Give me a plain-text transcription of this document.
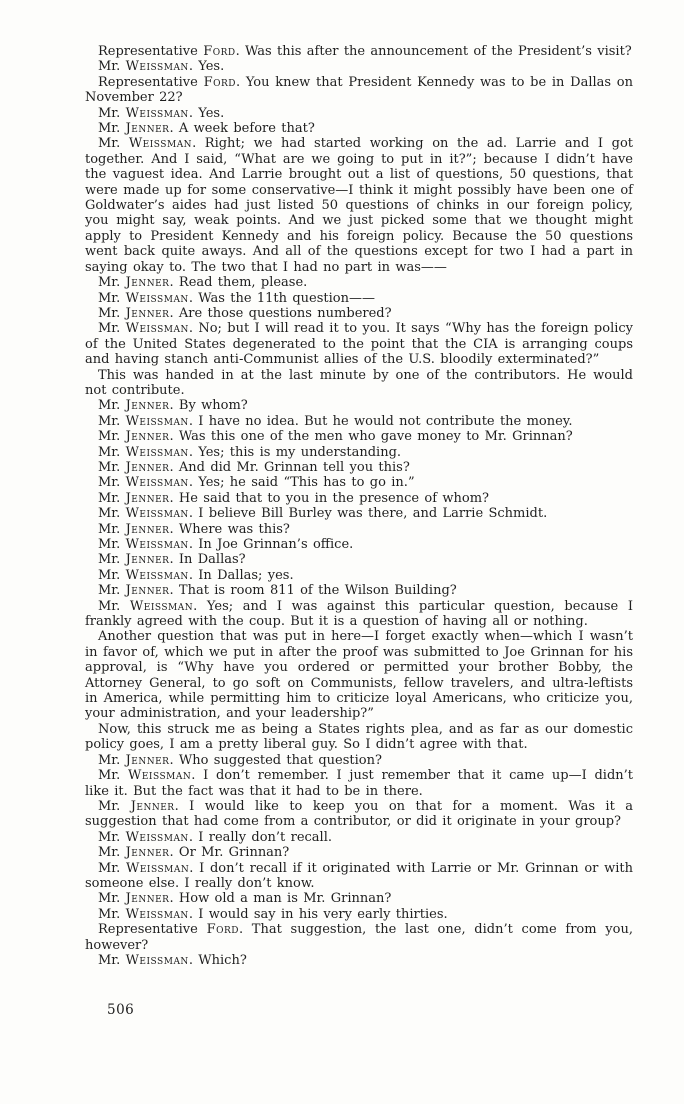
Representative Ford. Was this after the announcement of the President’s visit?

Mr. Weissman. Yes.

Representative Ford. You knew that President Kennedy was to be in Dallas on November 22?

Mr. Weissman. Yes.

Mr. Jenner. A week before that?

Mr. Weissman. Right; we had started working on the ad. Larrie and I got together. And I said, “What are we going to put in it?”; because I didn’t have the vaguest idea. And Larrie brought out a list of questions, 50 questions, that were made up for some conservative—I think it might possibly have been one of Goldwater’s aides had just listed 50 questions of chinks in our foreign policy, you might say, weak points. And we just picked some that we thought might apply to President Kennedy and his foreign policy. Because the 50 questions went back quite aways. And all of the questions except for two I had a part in saying okay to. The two that I had no part in was——

Mr. Jenner. Read them, please.

Mr. Weissman. Was the 11th question——

Mr. Jenner. Are those questions numbered?

Mr. Weissman. No; but I will read it to you. It says “Why has the foreign policy of the United States degenerated to the point that the CIA is arranging coups and having stanch anti-Communist allies of the U.S. bloodily exterminated?”

This was handed in at the last minute by one of the contributors. He would not contribute.

Mr. Jenner. By whom?

Mr. Weissman. I have no idea. But he would not contribute the money.

Mr. Jenner. Was this one of the men who gave money to Mr. Grinnan?

Mr. Weissman. Yes; this is my understanding.

Mr. Jenner. And did Mr. Grinnan tell you this?

Mr. Weissman. Yes; he said “This has to go in.”

Mr. Jenner. He said that to you in the presence of whom?

Mr. Weissman. I believe Bill Burley was there, and Larrie Schmidt.

Mr. Jenner. Where was this?

Mr. Weissman. In Joe Grinnan’s office.

Mr. Jenner. In Dallas?

Mr. Weissman. In Dallas; yes.

Mr. Jenner. That is room 811 of the Wilson Building?

Mr. Weissman. Yes; and I was against this particular question, because I frankly agreed with the coup. But it is a question of having all or nothing.

Another question that was put in here—I forget exactly when—which I wasn’t in favor of, which we put in after the proof was submitted to Joe Grinnan for his approval, is “Why have you ordered or permitted your brother Bobby, the Attorney General, to go soft on Communists, fellow travelers, and ultra-leftists in America, while permitting him to criticize loyal Americans, who criticize you, your administration, and your leadership?”

Now, this struck me as being a States rights plea, and as far as our domestic policy goes, I am a pretty liberal guy. So I didn’t agree with that.

Mr. Jenner. Who suggested that question?

Mr. Weissman. I don’t remember. I just remember that it came up—I didn’t like it. But the fact was that it had to be in there.

Mr. Jenner. I would like to keep you on that for a moment. Was it a suggestion that had come from a contributor, or did it originate in your group?

Mr. Weissman. I really don’t recall.

Mr. Jenner. Or Mr. Grinnan?

Mr. Weissman. I don’t recall if it originated with Larrie or Mr. Grinnan or with someone else. I really don’t know.

Mr. Jenner. How old a man is Mr. Grinnan?

Mr. Weissman. I would say in his very early thirties.

Representative Ford. That suggestion, the last one, didn’t come from you, however?

Mr. Weissman. Which?

506
